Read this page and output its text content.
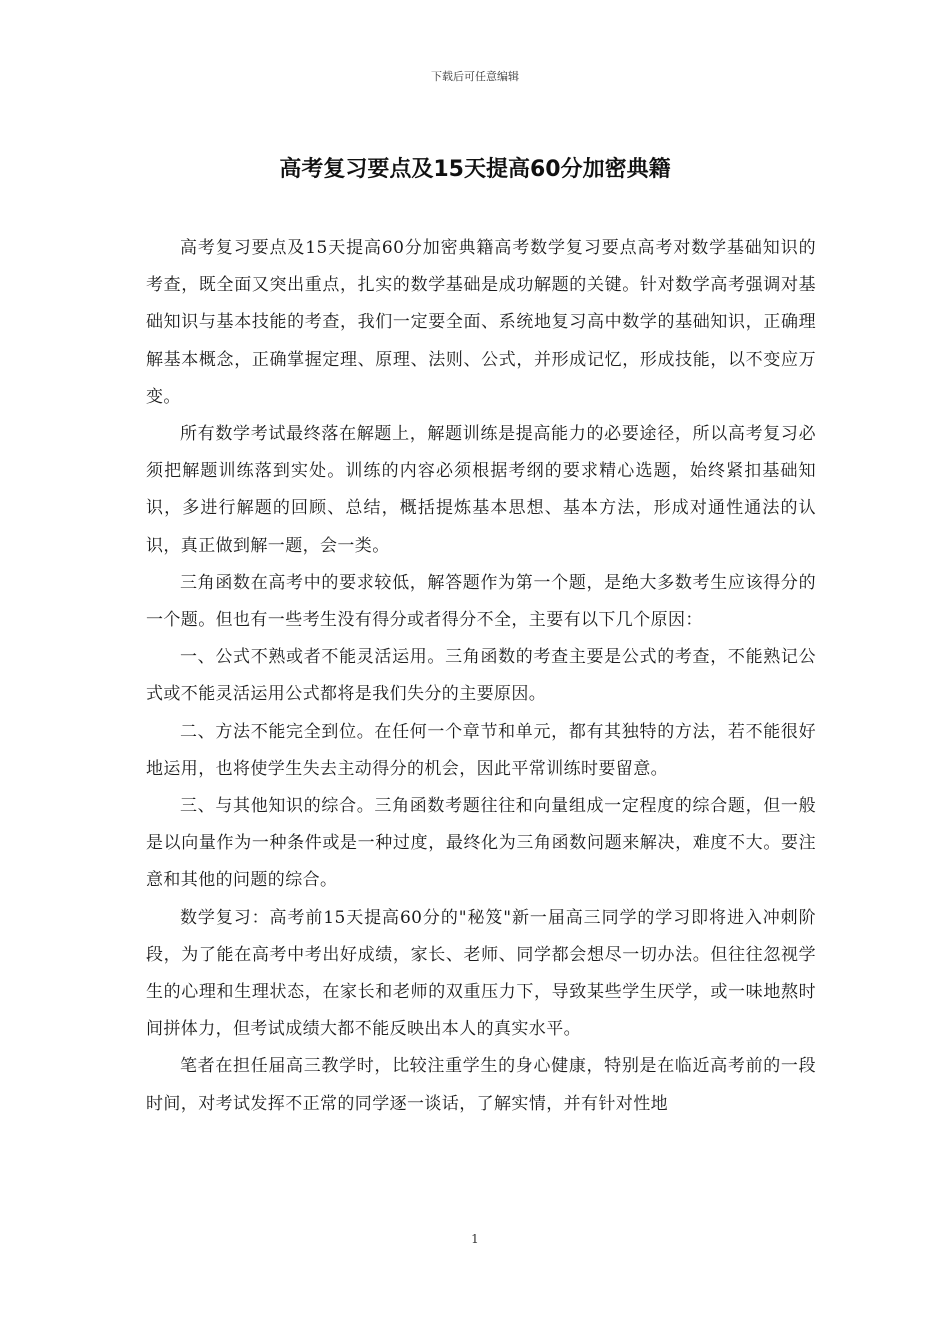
下载后可任意编辑
高考复习要点及15天提高60分加密典籍

高考复习要点及15天提高60分加密典籍高考数学复习要点高考对数学基础知识的考查，既全面又突出重点，扎实的数学基础是成功解题的关键。针对数学高考强调对基础知识与基本技能的考查，我们一定要全面、系统地复习高中数学的基础知识，正确理解基本概念，正确掌握定理、原理、法则、公式，并形成记忆，形成技能，以不变应万变。

所有数学考试最终落在解题上，解题训练是提高能力的必要途径，所以高考复习必须把解题训练落到实处。训练的内容必须根据考纲的要求精心选题，始终紧扣基础知识，多进行解题的回顾、总结，概括提炼基本思想、基本方法，形成对通性通法的认识，真正做到解一题，会一类。

三角函数在高考中的要求较低，解答题作为第一个题，是绝大多数考生应该得分的一个题。但也有一些考生没有得分或者得分不全，主要有以下几个原因：

一、公式不熟或者不能灵活运用。三角函数的考查主要是公式的考查，不能熟记公式或不能灵活运用公式都将是我们失分的主要原因。

二、方法不能完全到位。在任何一个章节和单元，都有其独特的方法，若不能很好地运用，也将使学生失去主动得分的机会，因此平常训练时要留意。

三、与其他知识的综合。三角函数考题往往和向量组成一定程度的综合题，但一般是以向量作为一种条件或是一种过度，最终化为三角函数问题来解决，难度不大。要注意和其他的问题的综合。

数学复习：高考前15天提高60分的"秘笈"新一届高三同学的学习即将进入冲刺阶段，为了能在高考中考出好成绩，家长、老师、同学都会想尽一切办法。但往往忽视学生的心理和生理状态，在家长和老师的双重压力下，导致某些学生厌学，或一味地熬时间拼体力，但考试成绩大都不能反映出本人的真实水平。

笔者在担任届高三教学时，比较注重学生的身心健康，特别是在临近高考前的一段时间，对考试发挥不正常的同学逐一谈话，了解实情，并有针对性地

1
